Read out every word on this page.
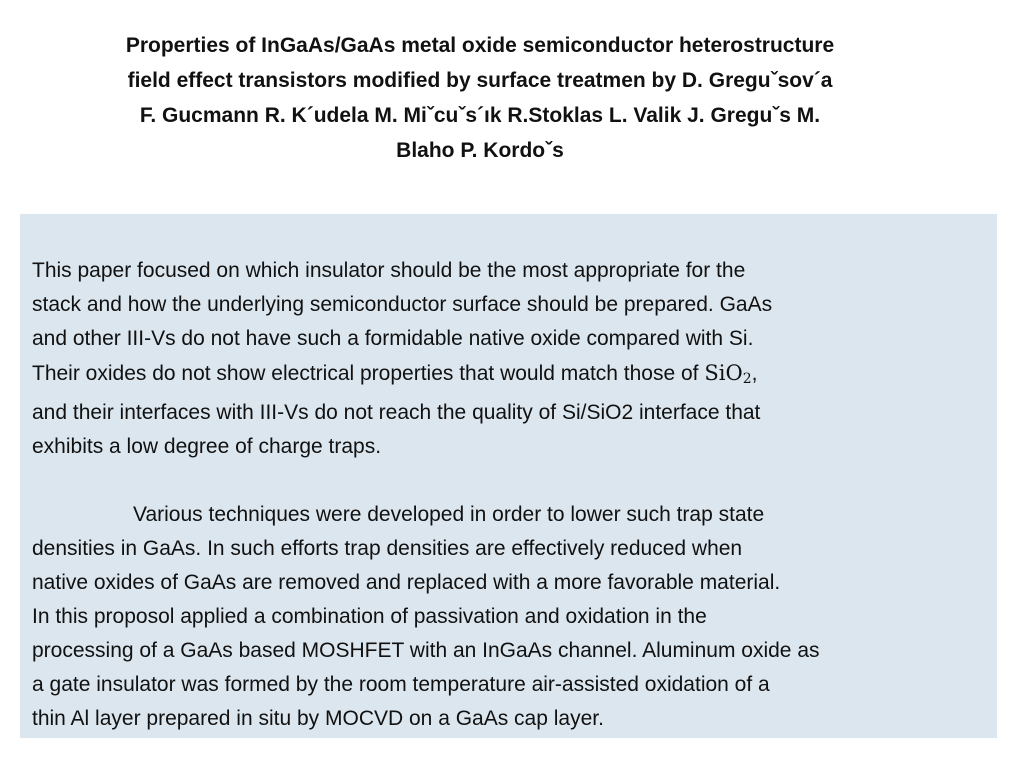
Properties of InGaAs/GaAs metal oxide semiconductor heterostructure
field effect transistors modified by surface treatmen by D. Greguˇsov´a
F. Gucmann R. K´udela M. Miˇcuˇs´ık R.Stoklas L. Valik J. Greguˇs M.
Blaho P. Kordoˇs
This paper focused on which insulator should be the most appropriate for the
stack and how the underlying semiconductor surface should be prepared. GaAs
and other III-Vs do not have such a formidable native oxide compared with Si.
Their oxides do not show electrical properties that would match those of SiO$_2$,
and their interfaces with III-Vs do not reach the quality of Si/SiO2 interface that
exhibits a low degree of charge traps.
Various techniques were developed in order to lower such trap state
densities in GaAs. In such efforts trap densities are effectively reduced when
native oxides of GaAs are removed and replaced with a more favorable material.
In this proposol applied a combination of passivation and oxidation in the
processing of a GaAs based MOSHFET with an InGaAs channel. Aluminum oxide as
a gate insulator was formed by the room temperature air-assisted oxidation of a
thin Al layer prepared in situ by MOCVD on a GaAs cap layer.
